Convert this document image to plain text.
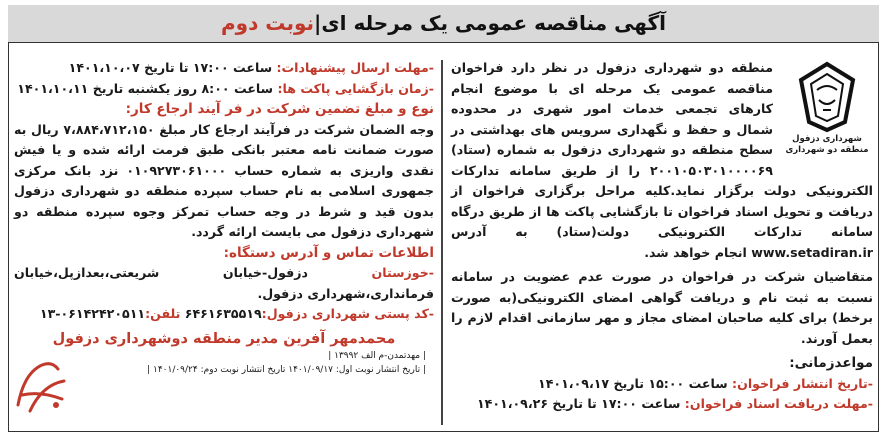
آگهی مناقصه عمومی یک مرحله ای|نوبت دوم
شهرداری دزفول
منطقه دو شهرداری

منطقه دو شهرداری دزفول در نظر دارد فراخوان مناقصه عمومی یک مرحله ای با موضوع انجام کارهای تجمعی خدمات امور شهری در محدوده شمال و حفظ و نگهداری سرویس های بهداشتی در سطح منطقه دو شهرداری دزفول به شماره (ستاد) ۲۰۰۱۰۵۰۳۰۱۰۰۰۰۶۹ را از طریق سامانه تدارکات الکترونیکی دولت برگزار نماید.کلیه مراحل برگزاری فراخوان از دریافت و تحویل اسناد فراخوان تا بازگشایی پاکت ها از طریق درگاه سامانه تدارکات الکترونیکی دولت(ستاد) به آدرس www.setadiran.ir انجام خواهد شد.

متقاضیان شرکت در فراخوان در صورت عدم عضویت در سامانه نسبت به ثبت نام و دریافت گواهی امضای الکترونیکی(به صورت برخط) برای کلیه صاحبان امضای مجاز و مهر سازمانی اقدام لازم را بعمل آورند.

مواعدزمانی:

-تاریخ انتشار فراخوان: ساعت ۱۵:۰۰ تاریخ ۱۴۰۱،۰۹،۱۷

-مهلت دریافت اسناد فراخوان: ساعت ۱۷:۰۰ تا تاریخ ۱۴۰۱،۰۹،۲۶

-مهلت ارسال پیشنهادات: ساعت ۱۷:۰۰ تا تاریخ ۱۴۰۱،۱۰،۰۷

-زمان بازگشایی پاکت ها: ساعت ۸:۰۰ روز یکشنبه تاریخ ۱۴۰۱،۱۰،۱۱

نوع و مبلغ تضمین شرکت در فر آیند ارجاع کار:

وجه الضمان شرکت در فرآیند ارجاع کار مبلغ ۷،۸۸۴،۷۱۲،۱۵۰ ریال به صورت ضمانت نامه معتبر بانکی طبق فرمت ارائه شده و یا فیش نقدی واریزی به شماره حساب ۰۱۰۹۲۷۳۰۶۱۰۰۰ نزد بانک مرکزی جمهوری اسلامی به نام حساب سپرده منطقه دو شهرداری دزفول بدون قید و شرط در وجه حساب تمرکز وجوه سپرده منطقه دو شهرداری دزفول می بایست ارائه گردد.

اطلاعات تماس و آدرس دستگاه:

-خوزستان دزفول-خیابان شریعتی،بعدازپل،خیابان فرمانداری،شهرداری دزفول.

-کد پستی شهرداری دزفول:۶۴۶۱۶۳۵۵۱۹ تلفن:۰۶۱۴۲۴۲۰۵۱۱-۱۳

محمدمهر آفرین مدیر منطقه دوشهرداری دزفول

| مهدتمدن-م الف ۱۳۹۹۲ |

| تاریخ انتشار نوبت اول: ۱۴۰۱/۰۹/۱۷ تاریخ انتشار نوبت دوم: ۱۴۰۱/۰۹/۲۴ |
